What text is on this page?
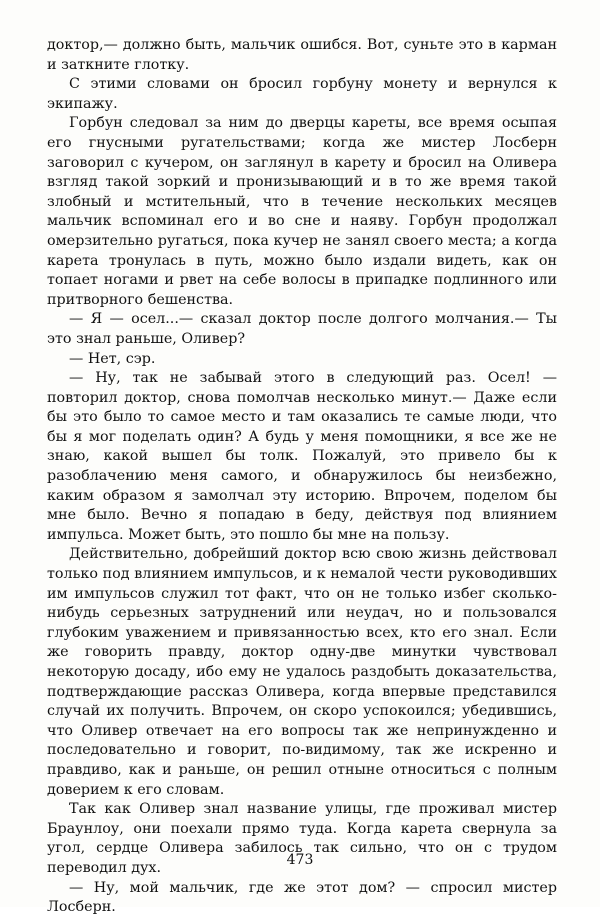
доктор,— должно быть, мальчик ошибся. Вот, суньте это в карман и заткните глотку.

С этими словами он бросил горбуну монету и вернулся к экипажу.

Горбун следовал за ним до дверцы кареты, все время осыпая его гнусными ругательствами; когда же мистер Лосберн заговорил с кучером, он заглянул в карету и бросил на Оливера взгляд такой зоркий и пронизывающий и в то же время такой злобный и мстительный, что в течение нескольких месяцев мальчик вспоминал его и во сне и наяву. Горбун продолжал омерзительно ругаться, пока кучер не занял своего места; а когда карета тронулась в путь, можно было издали видеть, как он топает ногами и рвет на себе волосы в припадке подлинного или притворного бешенства.

— Я — осел...— сказал доктор после долгого молчания.— Ты это знал раньше, Оливер?

— Нет, сэр.

— Ну, так не забывай этого в следующий раз. Осел! — повторил доктор, снова помолчав несколько минут.— Даже если бы это было то самое место и там оказались те самые люди, что бы я мог поделать один? А будь у меня помощники, я все же не знаю, какой вышел бы толк. Пожалуй, это привело бы к разоблачению меня самого, и обнаружилось бы неизбежно, каким образом я замолчал эту историю. Впрочем, поделом бы мне было. Вечно я попадаю в беду, действуя под влиянием импульса. Может быть, это пошло бы мне на пользу.

Действительно, добрейший доктор всю свою жизнь действовал только под влиянием импульсов, и к немалой чести руководивших им импульсов служил тот факт, что он не только избег сколько-нибудь серьезных затруднений или неудач, но и пользовался глубоким уважением и привязанностью всех, кто его знал. Если же говорить правду, доктор одну-две минутки чувствовал некоторую досаду, ибо ему не удалось раздобыть доказательства, подтверждающие рассказ Оливера, когда впервые представился случай их получить. Впрочем, он скоро успокоился; убедившись, что Оливер отвечает на его вопросы так же непринужденно и последовательно и говорит, по-видимому, так же искренно и правдиво, как и раньше, он решил отныне относиться с полным доверием к его словам.

Так как Оливер знал название улицы, где проживал мистер Браунлоу, они поехали прямо туда. Когда карета свернула за угол, сердце Оливера забилось так сильно, что он с трудом переводил дух.

— Ну, мой мальчик, где же этот дом? — спросил мистер Лосберн.

473
